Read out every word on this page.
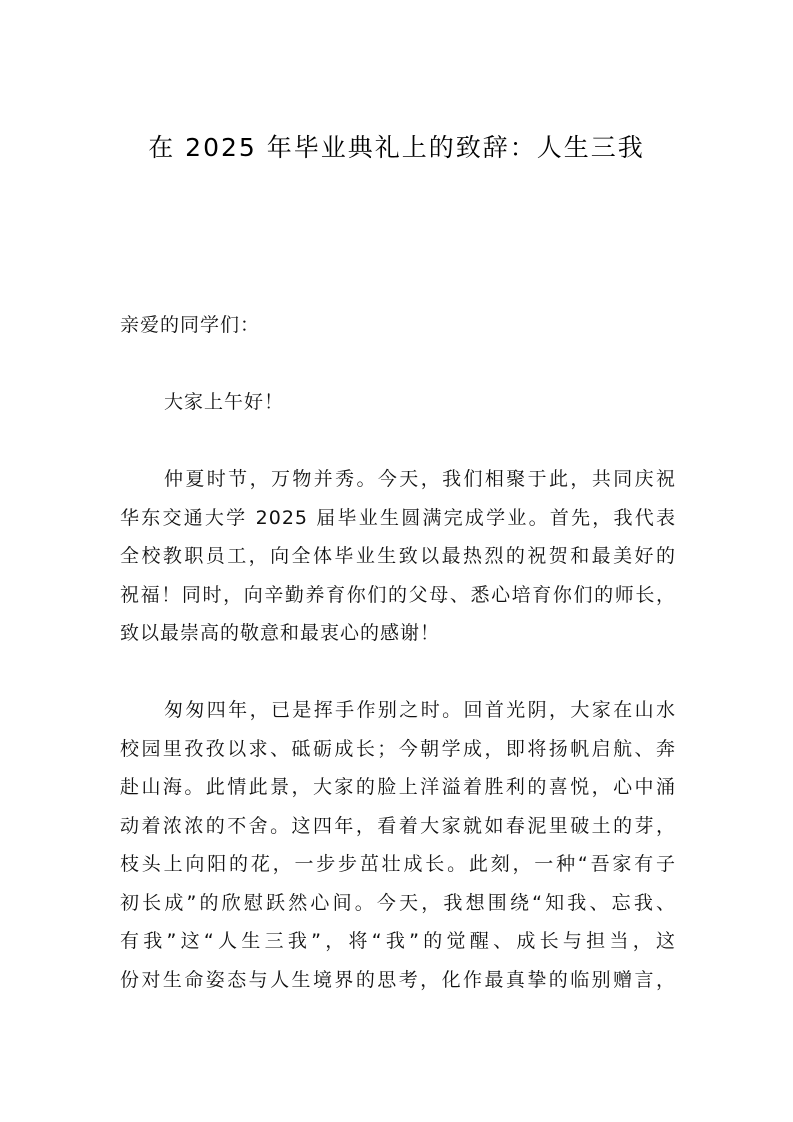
在 2025 年毕业典礼上的致辞：人生三我
亲爱的同学们：
大家上午好！
仲夏时节，万物并秀。今天，我们相聚于此，共同庆祝
华东交通大学 2025 届毕业生圆满完成学业。首先，我代表
全校教职员工，向全体毕业生致以最热烈的祝贺和最美好的
祝福！同时，向辛勤养育你们的父母、悉心培育你们的师长，
致以最崇高的敬意和最衷心的感谢！
匆匆四年，已是挥手作别之时。回首光阴，大家在山水
校园里孜孜以求、砥砺成长；今朝学成，即将扬帆启航、奔
赴山海。此情此景，大家的脸上洋溢着胜利的喜悦，心中涌
动着浓浓的不舍。这四年，看着大家就如春泥里破土的芽，
枝头上向阳的花，一步步茁壮成长。此刻，一种“吾家有子
初长成”的欣慰跃然心间。今天，我想围绕“知我、忘我、
有我”这“人生三我”，将“我”的觉醒、成长与担当，这
份对生命姿态与人生境界的思考，化作最真挚的临别赠言，
